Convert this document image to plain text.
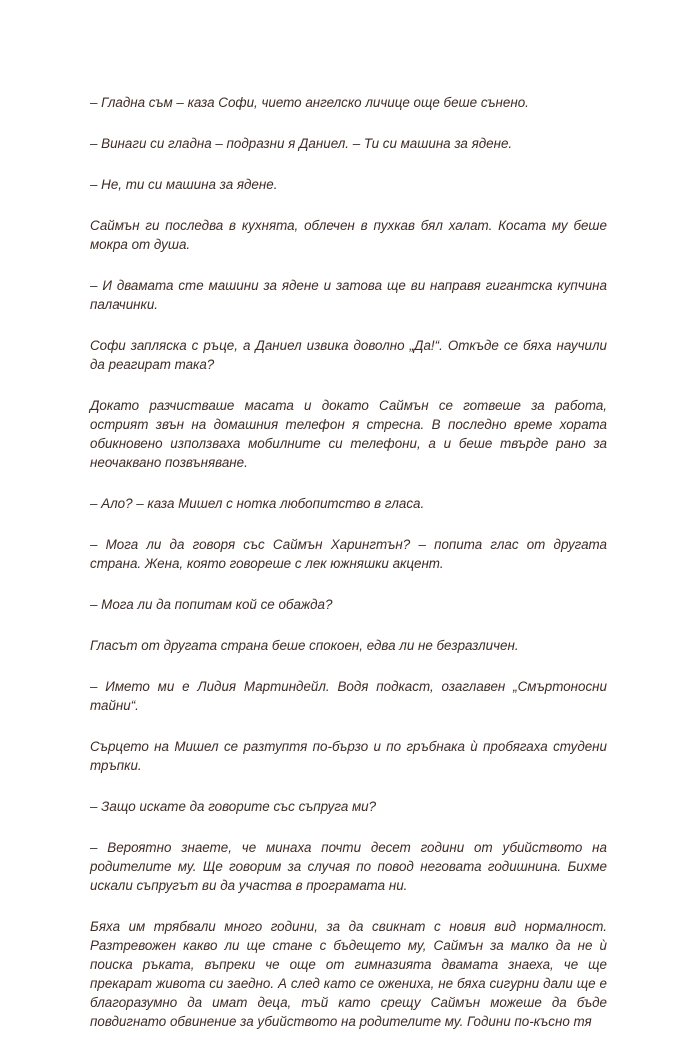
– Гладна съм – каза Софи, чието ангелско личице още беше сънено.

– Винаги си гладна – подразни я Даниел. – Ти си машина за ядене.

– Не, ти си машина за ядене.

Саймън ги последва в кухнята, облечен в пухкав бял халат. Косата му беше мокра от душа.

– И двамата сте машини за ядене и затова ще ви направя гигантска купчина палачинки.

Софи запляска с ръце, а Даниел извика доволно „Да!“. Откъде се бяха научили да реагират така?

Докато разчистваше масата и докато Саймън се готвеше за работа, острият звън на домашния телефон я стресна. В последно време хората обикновено използваха мобилните си телефони, а и беше твърде рано за неочаквано позвъняване.

– Ало? – каза Мишел с нотка любопитство в гласа.

– Мога ли да говоря със Саймън Харингтън? – попита глас от другата страна. Жена, която говореше с лек южняшки акцент.

– Мога ли да попитам кой се обажда?

Гласът от другата страна беше спокоен, едва ли не безразличен.

– Името ми е Лидия Мартиндейл. Водя подкаст, озаглавен „Смъртоносни тайни“.

Сърцето на Мишел се разтуптя по-бързо и по гръбнака ѝ пробягаха студени тръпки.

– Защо искате да говорите със съпруга ми?

– Вероятно знаете, че минаха почти десет години от убийството на родителите му. Ще говорим за случая по повод неговата годишнина. Бихме искали съпругът ви да участва в програмата ни.

Бяха им трябвали много години, за да свикнат с новия вид нормалност. Разтревожен какво ли ще стане с бъдещето му, Саймън за малко да не ѝ поиска ръката, въпреки че още от гимназията двамата знаеха, че ще прекарат живота си заедно. А след като се ожениха, не бяха сигурни дали ще е благоразумно да имат деца, тъй като срещу Саймън можеше да бъде повдигнато обвинение за убийството на родителите му. Години по-късно тя
